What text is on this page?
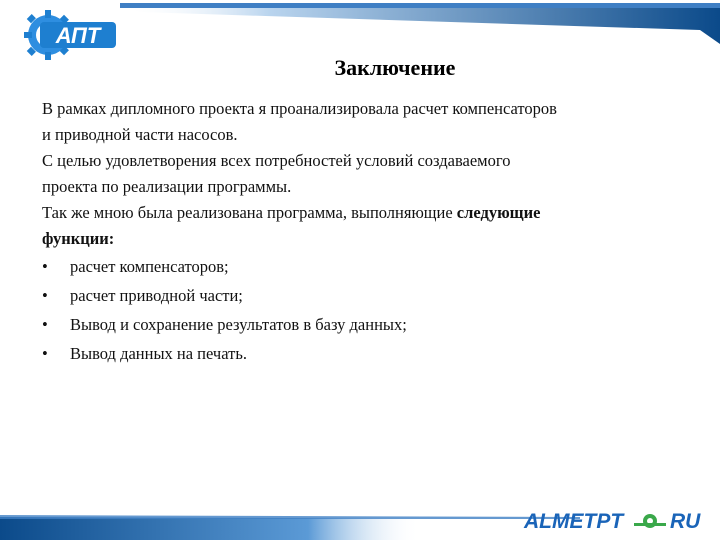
АПТ
Заключение

В рамках дипломного проекта я проанализировала расчет компенсаторов
и приводной части насосов.

С целью удовлетворения всех потребностей условий создаваемого
проекта по реализации программы.

Так же мною была реализована программа, выполняющие следующие
функции:

• расчет компенсаторов;
• расчет приводной части;
• Вывод и сохранение результатов в базу данных;
• Вывод данных на печать.
ALMETPT RU
